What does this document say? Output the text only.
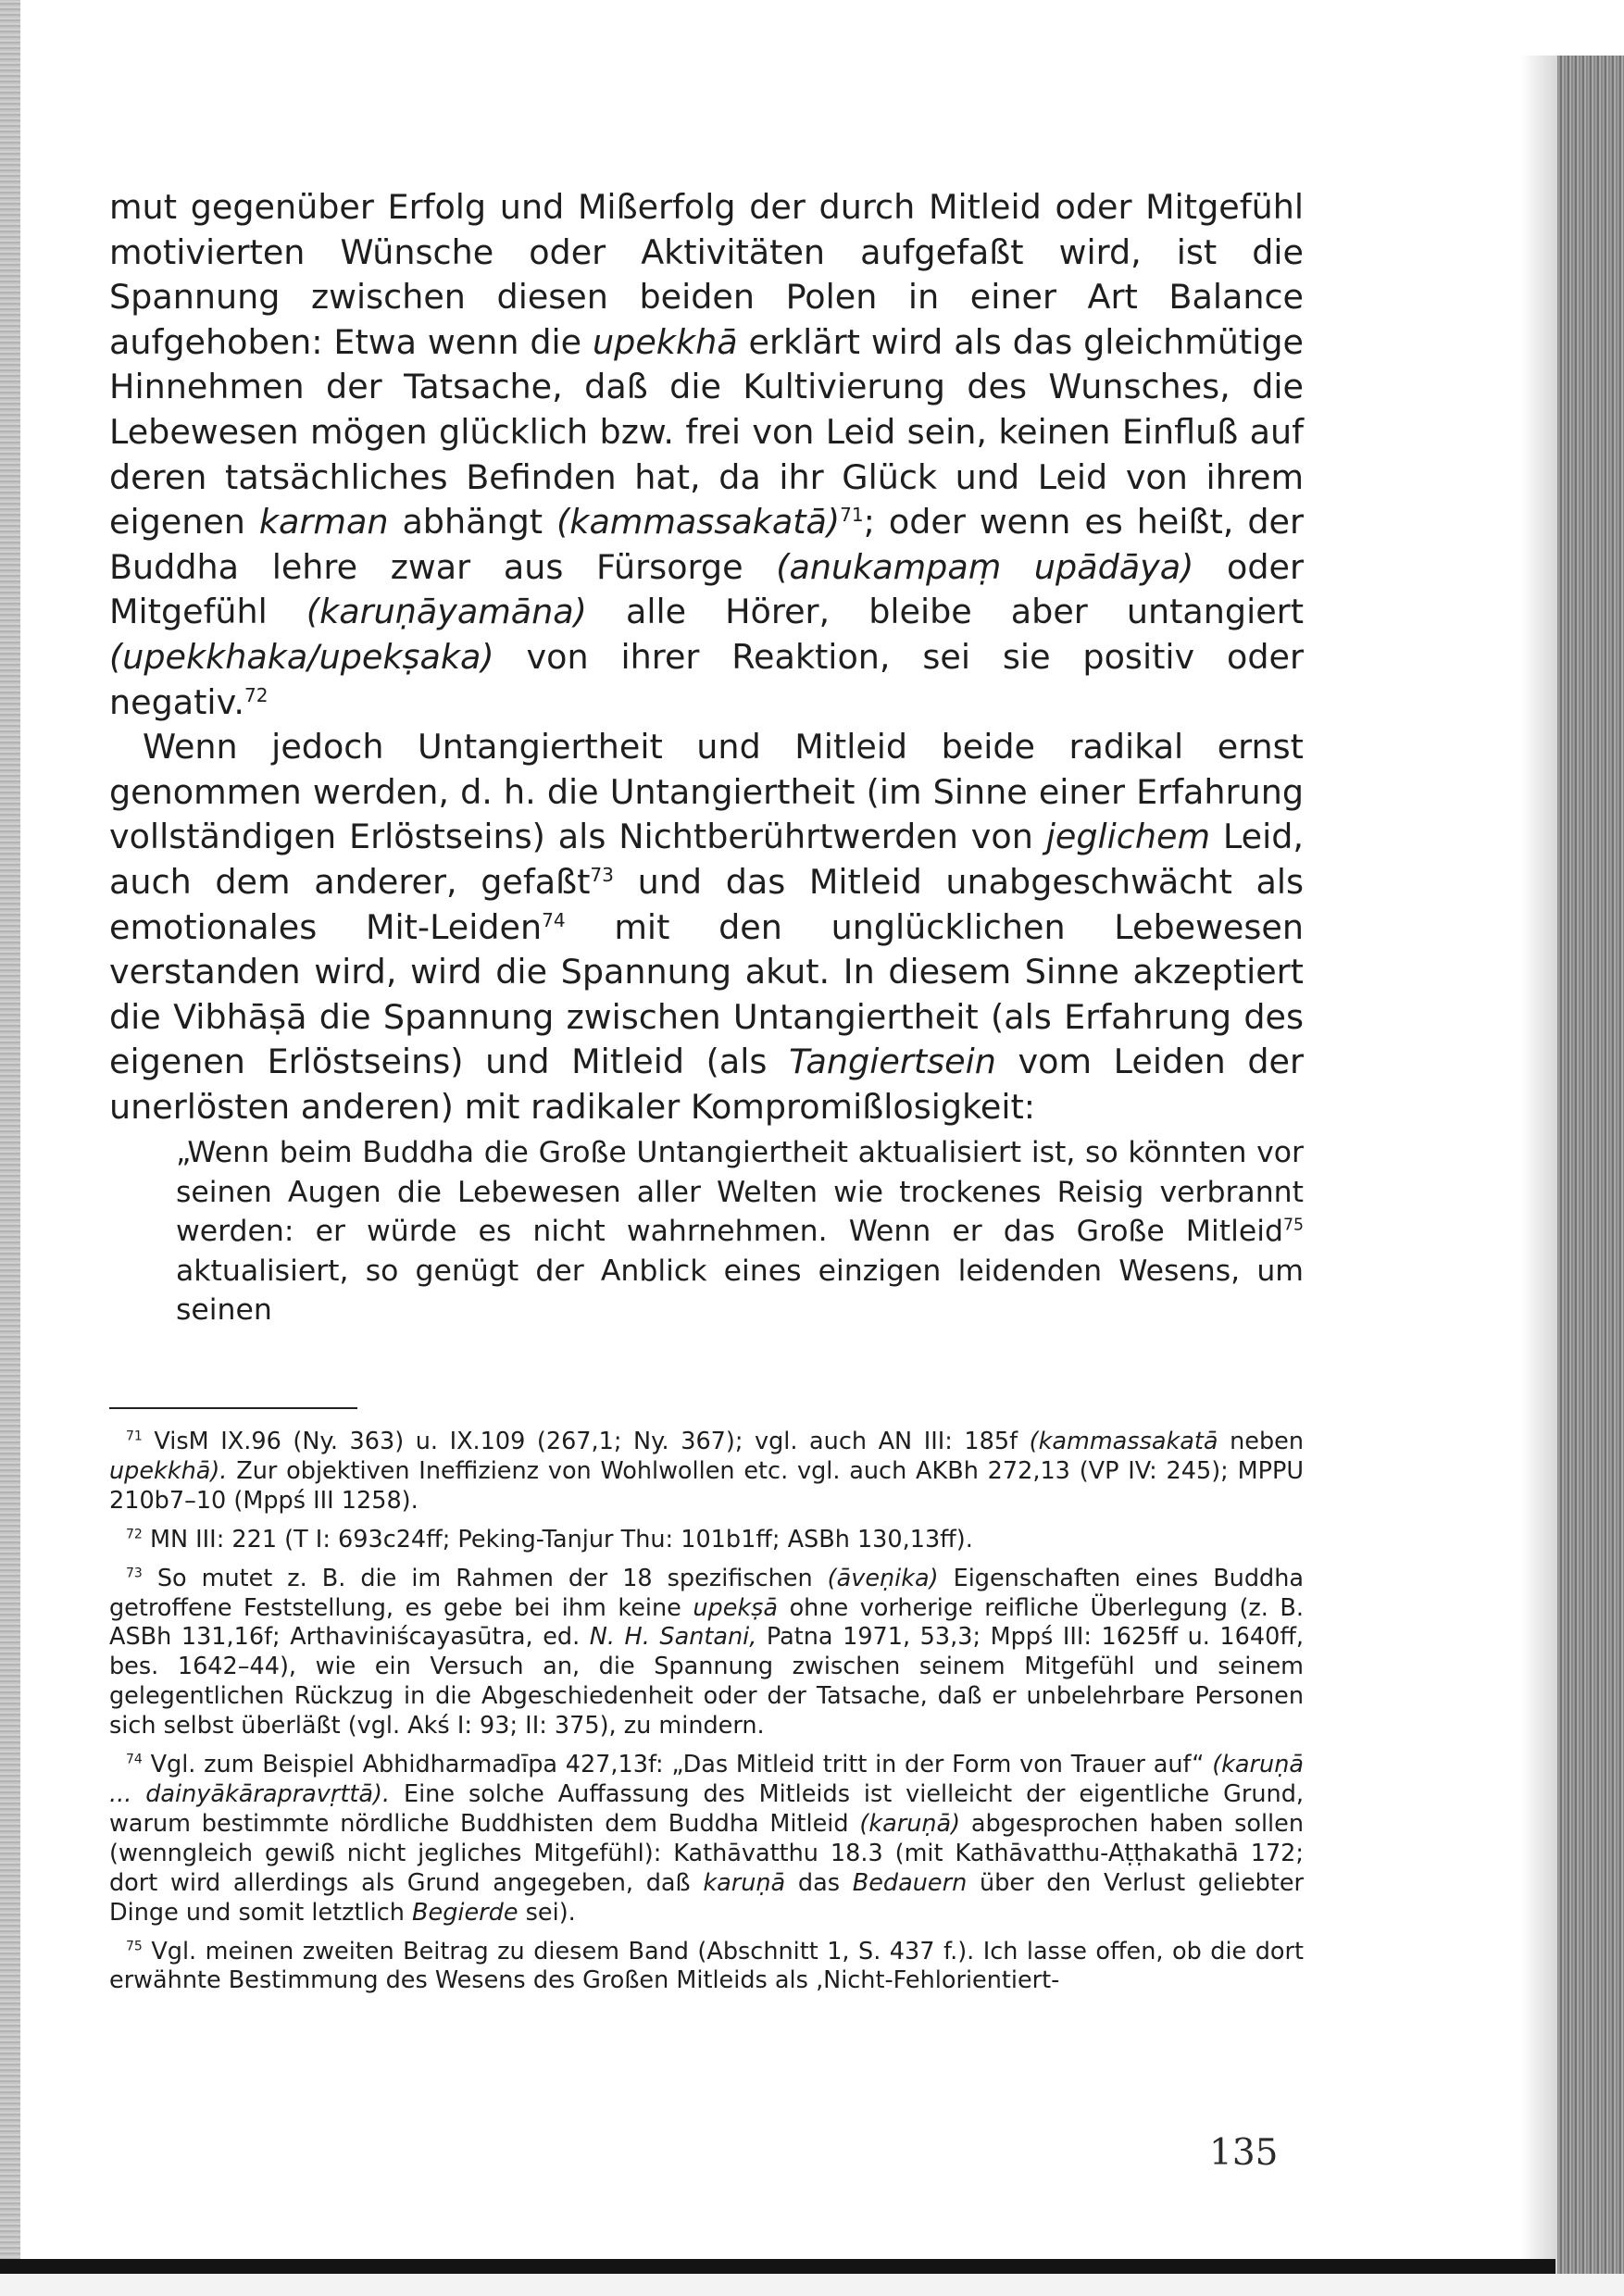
mut gegenüber Erfolg und Mißerfolg der durch Mitleid oder Mitgefühl motivierten Wünsche oder Aktivitäten aufgefaßt wird, ist die Spannung zwischen diesen beiden Polen in einer Art Balance aufgehoben: Etwa wenn die upekkhā erklärt wird als das gleichmütige Hinnehmen der Tatsache, daß die Kultivierung des Wunsches, die Lebewesen mögen glücklich bzw. frei von Leid sein, keinen Einfluß auf deren tatsächliches Befinden hat, da ihr Glück und Leid von ihrem eigenen karman abhängt (kammassakatā)$^{71}$; oder wenn es heißt, der Buddha lehre zwar aus Fürsorge (anukampaṃ upādāya) oder Mitgefühl (karuṇāyamāna) alle Hörer, bleibe aber untangiert (upekkhaka/upekṣaka) von ihrer Reaktion, sei sie positiv oder negativ.$^{72}$

Wenn jedoch Untangiertheit und Mitleid beide radikal ernst genommen werden, d. h. die Untangiertheit (im Sinne einer Erfahrung vollständigen Erlöstseins) als Nichtberührtwerden von jeglichem Leid, auch dem anderer, gefaßt$^{73}$ und das Mitleid unabgeschwächt als emotionales Mit-Leiden$^{74}$ mit den unglücklichen Lebewesen verstanden wird, wird die Spannung akut. In diesem Sinne akzeptiert die Vibhāṣā die Spannung zwischen Untangiertheit (als Erfahrung des eigenen Erlöstseins) und Mitleid (als Tangiertsein vom Leiden der unerlösten anderen) mit radikaler Kompromißlosigkeit:

„Wenn beim Buddha die Große Untangiertheit aktualisiert ist, so könnten vor seinen Augen die Lebewesen aller Welten wie trockenes Reisig verbrannt werden: er würde es nicht wahrnehmen. Wenn er das Große Mitleid$^{75}$ aktualisiert, so genügt der Anblick eines einzigen leidenden Wesens, um seinen

$^{71}$ VisM IX.96 (Ny. 363) u. IX.109 (267,1; Ny. 367); vgl. auch AN III: 185f (kammassakatā neben upekkhā). Zur objektiven Ineffizienz von Wohlwollen etc. vgl. auch AKBh 272,13 (VP IV: 245); MPPU 210b7–10 (Mppś III 1258).

$^{72}$ MN III: 221 (T I: 693c24ff; Peking-Tanjur Thu: 101b1ff; ASBh 130,13ff).

$^{73}$ So mutet z. B. die im Rahmen der 18 spezifischen (āveṇika) Eigenschaften eines Buddha getroffene Feststellung, es gebe bei ihm keine upekṣā ohne vorherige reifliche Überlegung (z. B. ASBh 131,16f; Arthaviniścayasūtra, ed. N. H. Santani, Patna 1971, 53,3; Mppś III: 1625ff u. 1640ff, bes. 1642–44), wie ein Versuch an, die Spannung zwischen seinem Mitgefühl und seinem gelegentlichen Rückzug in die Abgeschiedenheit oder der Tatsache, daß er unbelehrbare Personen sich selbst überläßt (vgl. Akś I: 93; II: 375), zu mindern.

$^{74}$ Vgl. zum Beispiel Abhidharmadīpa 427,13f: „Das Mitleid tritt in der Form von Trauer auf“ (karuṇā ... dainyākārapravṛttā). Eine solche Auffassung des Mitleids ist vielleicht der eigentliche Grund, warum bestimmte nördliche Buddhisten dem Buddha Mitleid (karuṇā) abgesprochen haben sollen (wenngleich gewiß nicht jegliches Mitgefühl): Kathāvatthu 18.3 (mit Kathāvatthu-Aṭṭhakathā 172; dort wird allerdings als Grund angegeben, daß karuṇā das Bedauern über den Verlust geliebter Dinge und somit letztlich Begierde sei).

$^{75}$ Vgl. meinen zweiten Beitrag zu diesem Band (Abschnitt 1, S. 437 f.). Ich lasse offen, ob die dort erwähnte Bestimmung des Wesens des Großen Mitleids als ‚Nicht-Fehlorientiert-

135
